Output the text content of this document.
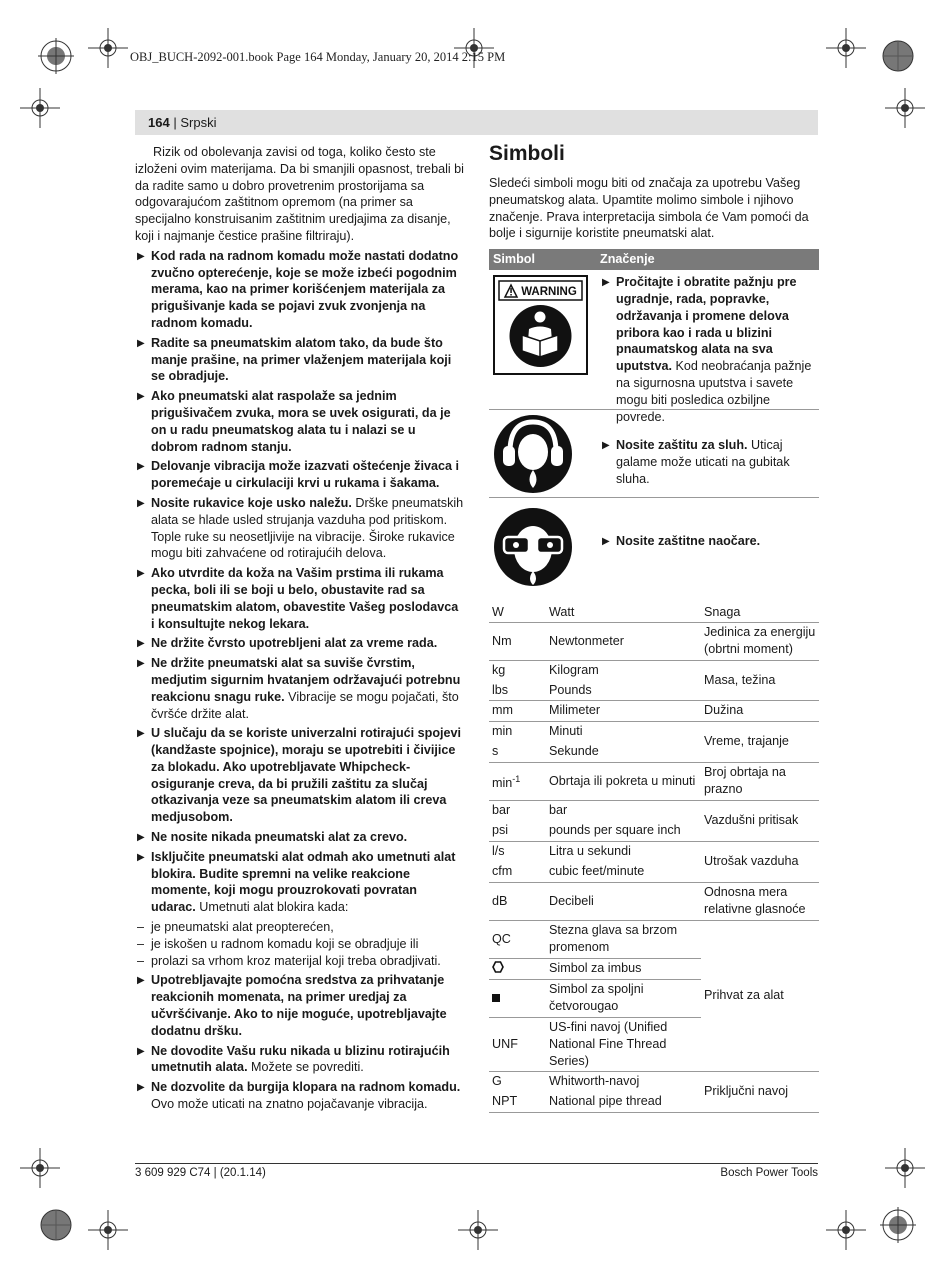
OBJ_BUCH-2092-001.book Page 164 Monday, January 20, 2014 2:15 PM
164 | Srpski

Rizik od obolevanja zavisi od toga, koliko često ste izloženi ovim materijama. Da bi smanjili opasnost, trebali bi da radite samo u dobro provetrenim prostorijama sa odgovarajućom zaštitnom opremom (na primer sa specijalno konstruisanim zaštitnim uredjajima za disanje, koji i najmanje čestice prašine filtriraju).

▶ Kod rada na radnom komadu može nastati dodatno zvučno opterećenje, koje se može izbeći pogodnim merama, kao na primer korišćenjem materijala za prigušivanje kada se pojavi zvuk zvonjenja na radnom komadu.
▶ Radite sa pneumatskim alatom tako, da bude što manje prašine, na primer vlaženjem materijala koji se obradjuje.
▶ Ako pneumatski alat raspolaže sa jednim prigušivačem zvuka, mora se uvek osigurati, da je on u radu pneumatskog alata tu i nalazi se u dobrom radnom stanju.
▶ Delovanje vibracija može izazvati oštećenje živaca i poremećaje u cirkulaciji krvi u rukama i šakama.
▶ Nosite rukavice koje usko naležu. Drške pneumatskih alata se hlade usled strujanja vazduha pod pritiskom. Tople ruke su neosetljivije na vibracije. Široke rukavice mogu biti zahvaćene od rotirajućih delova.
▶ Ako utvrdite da koža na Vašim prstima ili rukama pecka, boli ili se boji u belo, obustavite rad sa pneumatskim alatom, obavestite Vašeg poslodavca i konsultujte nekog lekara.
▶ Ne držite čvrsto upotrebljeni alat za vreme rada.
▶ Ne držite pneumatski alat sa suviše čvrstim, medjutim sigurnim hvatanjem održavajući potrebnu reakcionu snagu ruke. Vibracije se mogu pojačati, što čvršće držite alat.
▶ U slučaju da se koriste univerzalni rotirajući spojevi (kandžaste spojnice), moraju se upotrebiti i čivijice za blokadu. Ako upotrebljavate Whipcheck- osiguranje creva, da bi pružili zaštitu za slučaj otkazivanja veze sa pneumatskim alatom ili creva medjusobom.
▶ Ne nosite nikada pneumatski alat za crevo.
▶ Isključite pneumatski alat odmah ako umetnuti alat blokira. Budite spremni na velike reakcione momente, koji mogu prouzrokovati povratan udarac. Umetnuti alat blokira kada:
– je pneumatski alat preopterećen,
– je iskošen u radnom komadu koji se obradjuje ili
– prolazi sa vrhom kroz materijal koji treba obradjivati.
▶ Upotrebljavajte pomoćna sredstva za prihvatanje reakcionih momenata, na primer uredjaj za učvršćivanje. Ako to nije moguće, upotrebljavajte dodatnu dršku.
▶ Ne dovodite Vašu ruku nikada u blizinu rotirajućih umetnutih alata. Možete se povrediti.
▶ Ne dozvolite da burgija klopara na radnom komadu. Ovo može uticati na znatno pojačavanje vibracija.
Simboli

Sledeći simboli mogu biti od značaja za upotrebu Vašeg pneumatskog alata. Upamtite molimo simbole i njihovo značenje. Prava interpretacija simbola će Vam pomoći da bolje i sigurnije koristite pneumatski alat.

Simbol	Značenje
WARNING
▶ Pročitajte i obratite pažnju pre ugradnje, rada, popravke, održavanja i promene delova pribora kao i rada u blizini pnaumatskog alata na sva uputstva. Kod neobraćanja pažnje na sigurnosna uputstva i savete mogu biti posledica ozbiljne povrede.
▶ Nosite zaštitu za sluh. Uticaj galame može uticati na gubitak sluha.
▶ Nosite zaštitne naočare.
W	Watt	Snaga
Nm	Newtonmeter	Jedinica za energiju (obrtni moment)
kg	Kilogram	Masa, težina
lbs	Pounds	
mm	Milimeter	Dužina
min	Minuti	Vreme, trajanje
s	Sekunde	
$\min^{-1}$	Obrtaja ili pokreta u minuti	Broj obrtaja na prazno
bar	bar	Vazdušni pritisak
psi	pounds per square inch	
l/s	Litra u sekundi	Utrošak vazduha
cfm	cubic feet/minute	
dB	Decibeli	Odnosna mera relativne glasnoće
QC	Stezna glava sa brzom promenom	Prihvat za alat
	Simbol za imbus	
	Simbol za spoljni četvorougao	
UNF	US-fini navoj (Unified National Fine Thread Series)	
G	Whitworth-navoj	Priključni navoj
NPT	National pipe thread	
3 609 929 C74 | (20.1.14)	Bosch Power Tools
